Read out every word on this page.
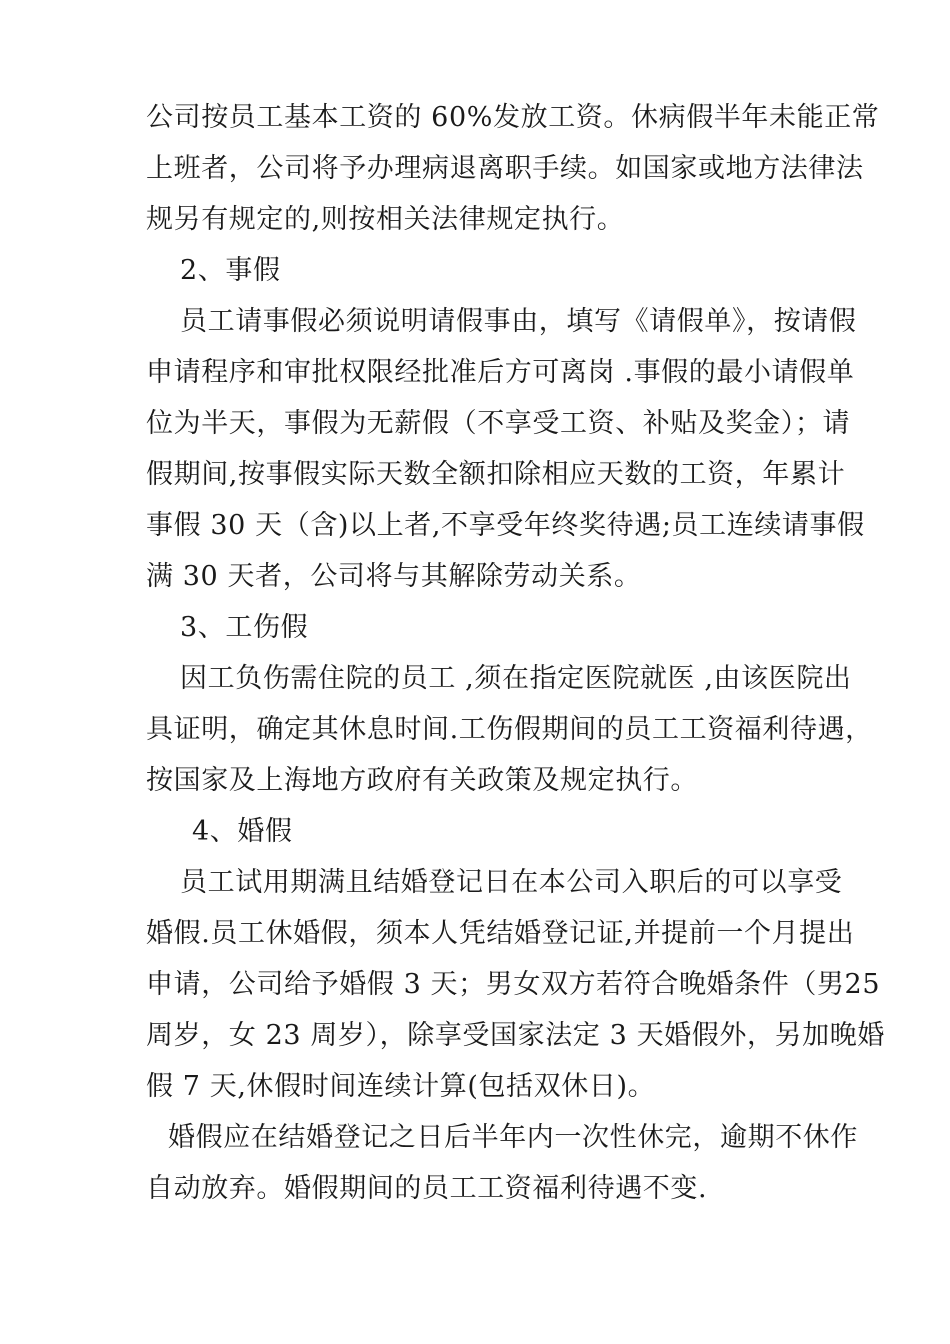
公司按员工基本工资的 60%发放工资。休病假半年未能正常
上班者，公司将予办理病退离职手续。如国家或地方法律法
规另有规定的,则按相关法律规定执行。
2、事假
员工请事假必须说明请假事由，填写《请假单》，按请假
申请程序和审批权限经批准后方可离岗 .事假的最小请假单
位为半天，事假为无薪假（不享受工资、补贴及奖金）；请
假期间,按事假实际天数全额扣除相应天数的工资，年累计
事假 30 天（含)以上者,不享受年终奖待遇;员工连续请事假
满 30 天者，公司将与其解除劳动关系。
3、工伤假
因工负伤需住院的员工 ,须在指定医院就医 ,由该医院出
具证明，确定其休息时间.工伤假期间的员工工资福利待遇，
按国家及上海地方政府有关政策及规定执行。
4、婚假
员工试用期满且结婚登记日在本公司入职后的可以享受
婚假.员工休婚假，须本人凭结婚登记证,并提前一个月提出
申请，公司给予婚假 3 天；男女双方若符合晚婚条件（男25
周岁，女 23 周岁），除享受国家法定 3 天婚假外，另加晚婚
假 7 天,休假时间连续计算(包括双休日)。
婚假应在结婚登记之日后半年内一次性休完，逾期不休作
自动放弃。婚假期间的员工工资福利待遇不变.
